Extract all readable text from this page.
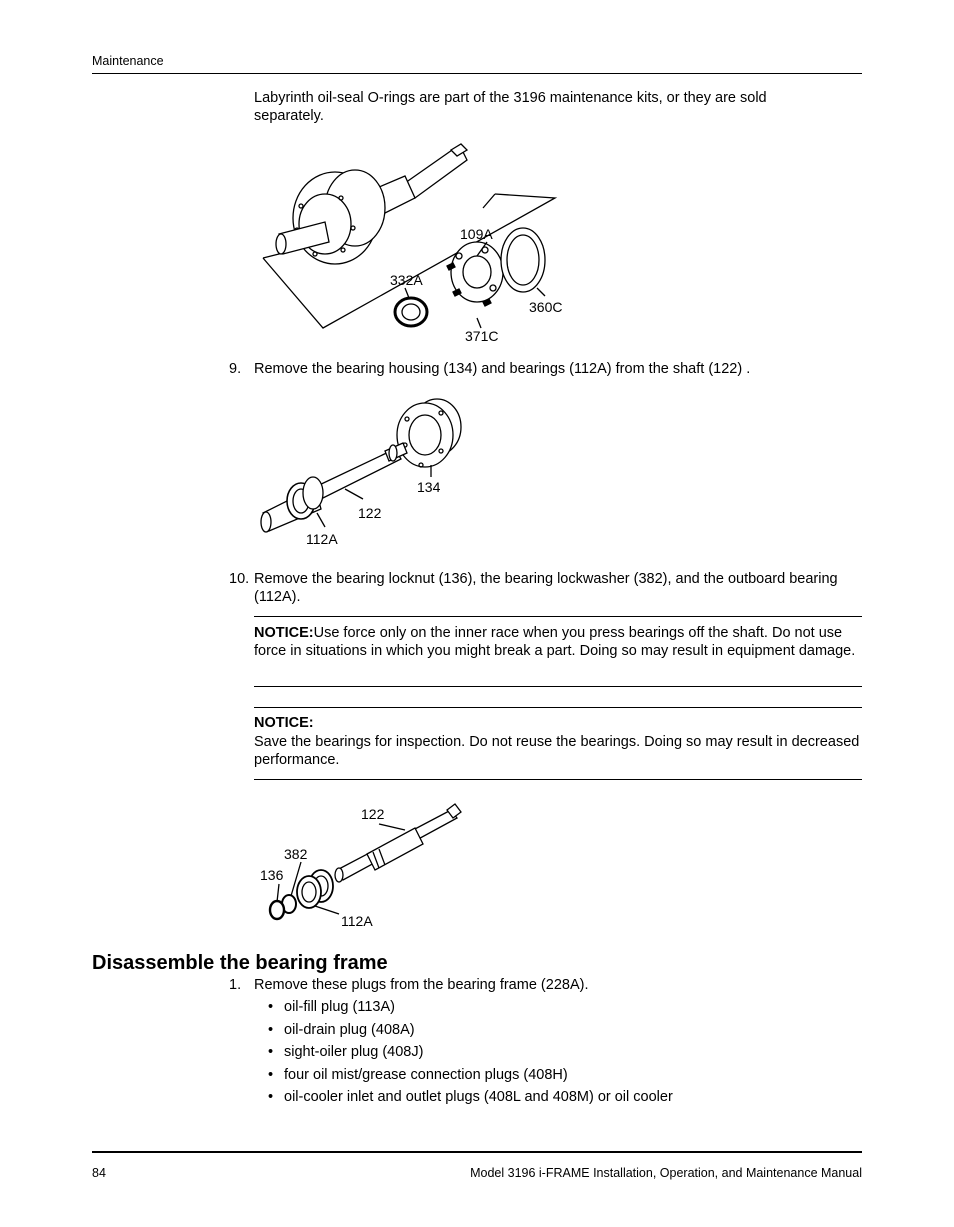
Maintenance
Labyrinth oil-seal O-rings are part of the 3196 maintenance kits, or they are sold separately.
109A
332A
360C
371C
9. Remove the bearing housing (134) and bearings (112A) from the shaft (122) .
134
122
112A
10. Remove the bearing locknut (136), the bearing lockwasher (382), and the outboard bearing (112A).
NOTICE:Use force only on the inner race when you press bearings off the shaft. Do not use force in situations in which you might break a part. Doing so may result in equipment damage.
NOTICE:
Save the bearings for inspection. Do not reuse the bearings. Doing so may result in decreased performance.
122
382
136
112A
Disassemble the bearing frame
1. Remove these plugs from the bearing frame (228A).
• oil-fill plug (113A)
• oil-drain plug (408A)
• sight-oiler plug (408J)
• four oil mist/grease connection plugs (408H)
• oil-cooler inlet and outlet plugs (408L and 408M) or oil cooler
84	Model 3196 i-FRAME Installation, Operation, and Maintenance Manual
